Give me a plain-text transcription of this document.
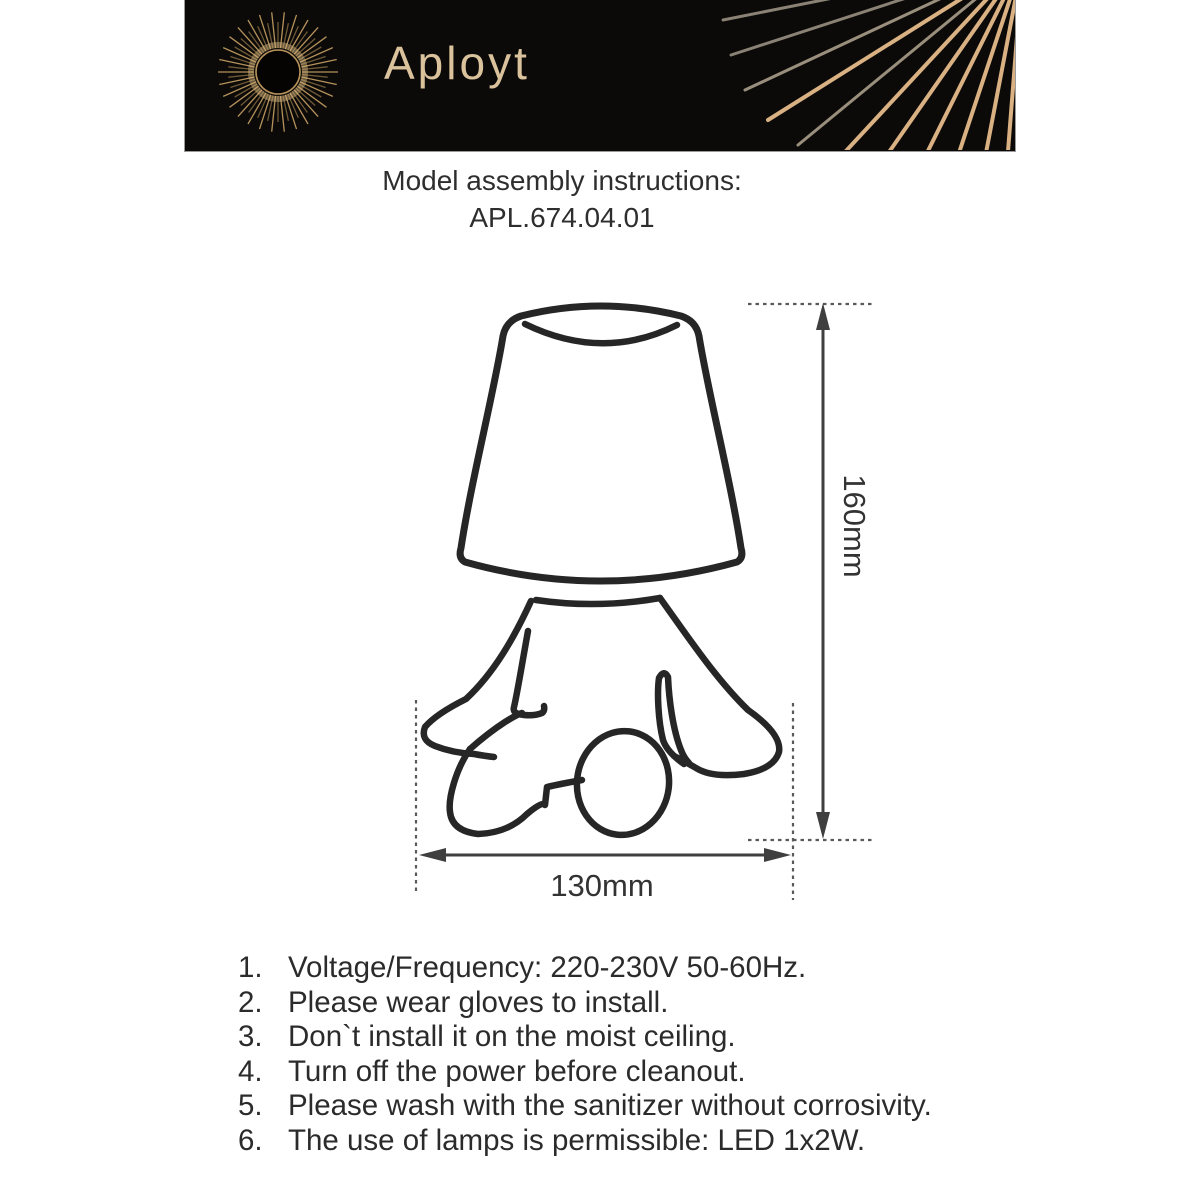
Aployt
Model assembly instructions:
APL.674.04.01
160mm
130mm
1. Voltage/Frequency: 220-230V 50-60Hz.
2. Please wear gloves to install.
3. Don`t install it on the moist ceiling.
4. Turn off the power before cleanout.
5. Please wash with the sanitizer without corrosivity.
6. The use of lamps is permissible: LED 1x2W.
